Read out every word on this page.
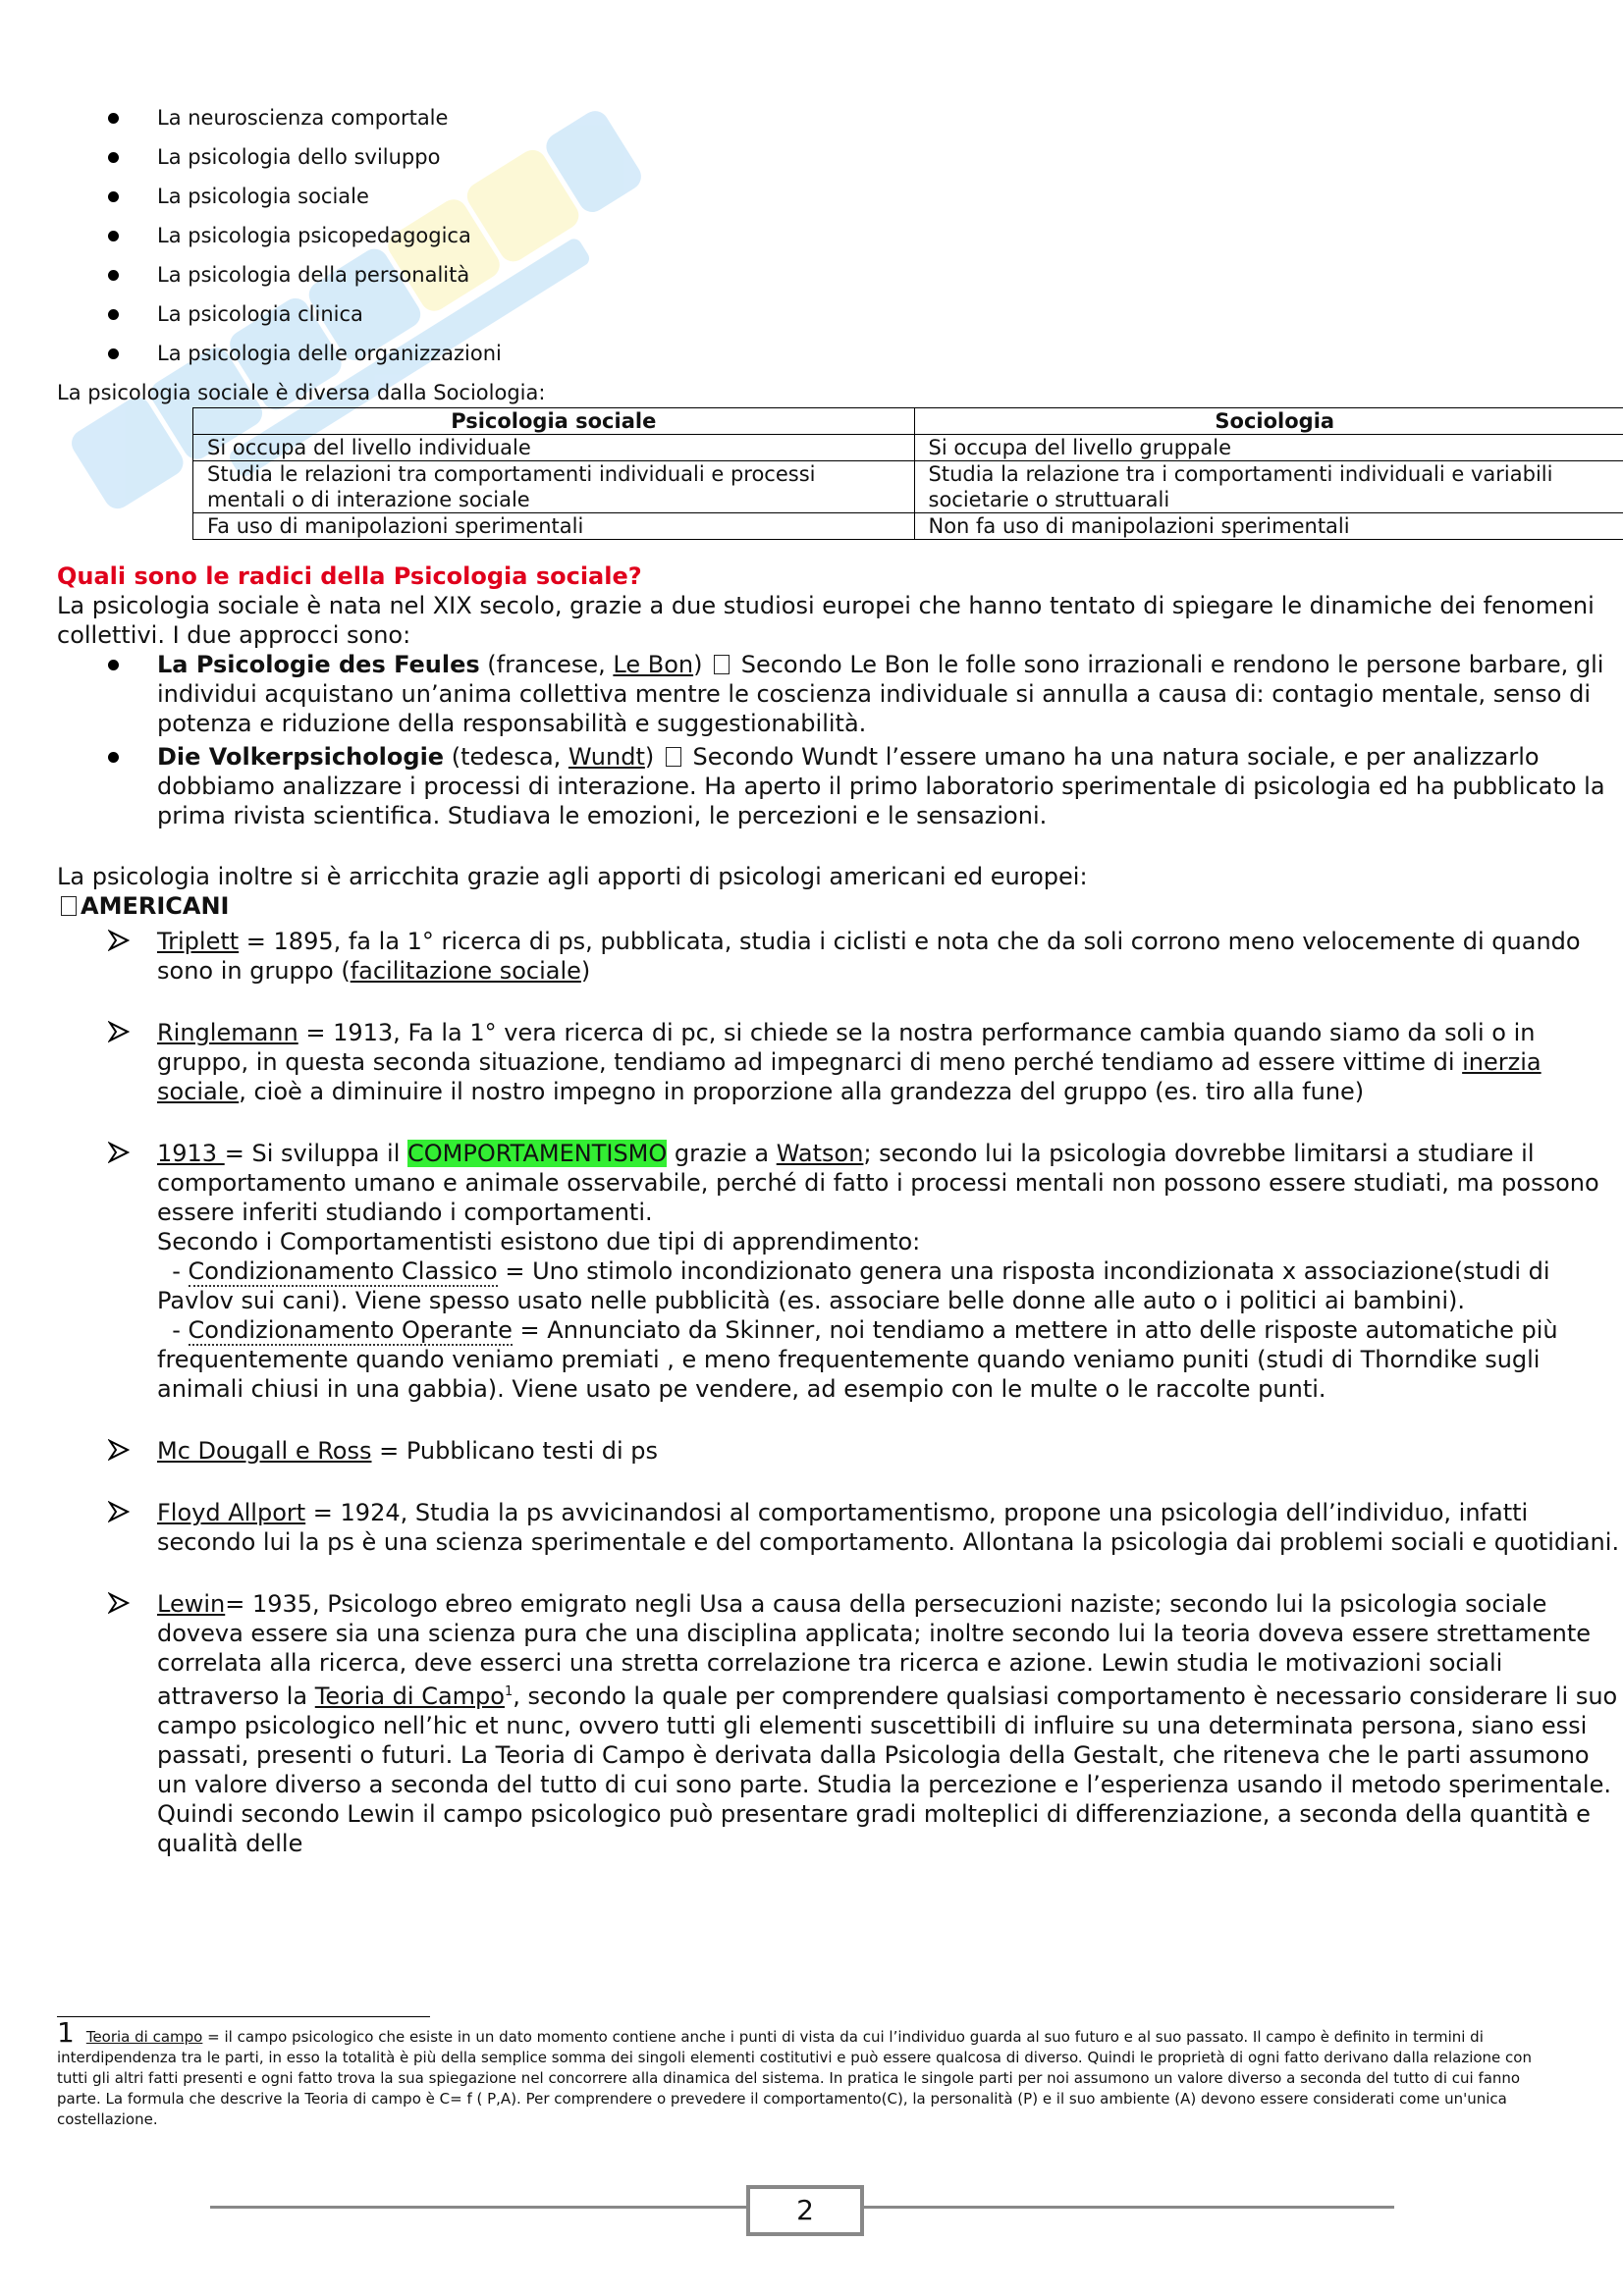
La neuroscienza comportale
La psicologia dello sviluppo
La psicologia sociale
La psicologia psicopedagogica
La psicologia della personalità
La psicologia clinica
La psicologia delle organizzazioni

La psicologia sociale è diversa dalla Sociologia:

Psicologia sociale	Sociologia
Si occupa del livello individuale	Si occupa del livello gruppale
Studia le relazioni tra comportamenti individuali e processi mentali o di interazione sociale	Studia la relazione tra i comportamenti individuali e variabili societarie o struttuarali
Fa uso di manipolazioni sperimentali	Non fa uso di manipolazioni sperimentali
Quali sono le radici della Psicologia sociale?

La psicologia sociale è nata nel XIX secolo, grazie a due studiosi europei che hanno tentato di spiegare le dinamiche dei fenomeni collettivi. I due approcci sono:

La Psicologie des Feules (francese, Le Bon)  Secondo Le Bon le folle sono irrazionali e rendono le persone barbare, gli individui acquistano un’anima collettiva mentre le coscienza individuale si annulla a causa di: contagio mentale, senso di potenza e riduzione della responsabilità e suggestionabilità.
Die Volkerpsichologie (tedesca, Wundt)  Secondo Wundt l’essere umano ha una natura sociale, e per analizzarlo dobbiamo analizzare i processi di interazione. Ha aperto il primo laboratorio sperimentale di psicologia ed ha pubblicato la prima rivista scientifica. Studiava le emozioni, le percezioni e le sensazioni.

La psicologia inoltre si è arricchita grazie agli apporti di psicologi americani ed europei:

AMERICANI

Triplett = 1895, fa la 1° ricerca di ps, pubblicata, studia i ciclisti e nota che da soli corrono meno velocemente di quando sono in gruppo (facilitazione sociale)
Ringlemann = 1913, Fa la 1° vera ricerca di pc, si chiede se la nostra performance cambia quando siamo da soli o in gruppo, in questa seconda situazione, tendiamo ad impegnarci di meno perché tendiamo ad essere vittime di inerzia sociale, cioè a diminuire il nostro impegno in proporzione alla grandezza del gruppo (es. tiro alla fune)
1913 = Si sviluppa il COMPORTAMENTISMO grazie a Watson; secondo lui la psicologia dovrebbe limitarsi a studiare il comportamento umano e animale osservabile, perché di fatto i processi mentali non possono essere studiati, ma possono essere inferiti studiando i comportamenti.
Secondo i Comportamentisti esistono due tipi di apprendimento:
- Condizionamento Classico = Uno stimolo incondizionato genera una risposta incondizionata x associazione(studi di Pavlov sui cani). Viene spesso usato nelle pubblicità (es. associare belle donne alle auto o i politici ai bambini).
- Condizionamento Operante = Annunciato da Skinner, noi tendiamo a mettere in atto delle risposte automatiche più frequentemente quando veniamo premiati , e meno frequentemente quando veniamo puniti (studi di Thorndike sugli animali chiusi in una gabbia). Viene usato pe vendere, ad esempio con le multe o le raccolte punti.
Mc Dougall e Ross = Pubblicano testi di ps
Floyd Allport = 1924, Studia la ps avvicinandosi al comportamentismo, propone una psicologia dell’individuo, infatti secondo lui la ps è una scienza sperimentale e del comportamento. Allontana la psicologia dai problemi sociali e quotidiani.
Lewin= 1935, Psicologo ebreo emigrato negli Usa a causa della persecuzioni naziste; secondo lui la psicologia sociale doveva essere sia una scienza pura che una disciplina applicata; inoltre secondo lui la teoria doveva essere strettamente correlata alla ricerca, deve esserci una stretta correlazione tra ricerca e azione. Lewin studia le motivazioni sociali attraverso la Teoria di Campo$^1$, secondo la quale per comprendere qualsiasi comportamento è necessario considerare li suo campo psicologico nell’hic et nunc, ovvero tutti gli elementi suscettibili di influire su una determinata persona, siano essi passati, presenti o futuri. La Teoria di Campo è derivata dalla Psicologia della Gestalt, che riteneva che le parti assumono un valore diverso a seconda del tutto di cui sono parte. Studia la percezione e l’esperienza usando il metodo sperimentale. Quindi secondo Lewin il campo psicologico può presentare gradi molteplici di differenziazione, a seconda della quantità e qualità delle
1 Teoria di campo = il campo psicologico che esiste in un dato momento contiene anche i punti di vista da cui l’individuo guarda al suo futuro e al suo passato. Il campo è definito in termini di interdipendenza tra le parti, in esso la totalità è più della semplice somma dei singoli elementi costitutivi e può essere qualcosa di diverso. Quindi le proprietà di ogni fatto derivano dalla relazione con tutti gli altri fatti presenti e ogni fatto trova la sua spiegazione nel concorrere alla dinamica del sistema. In pratica le singole parti per noi assumono un valore diverso a seconda del tutto di cui fanno parte. La formula che descrive la Teoria di campo è C= f ( P,A). Per comprendere o prevedere il comportamento(C), la personalità (P) e il suo ambiente (A) devono essere considerati come un'unica costellazione.
2
